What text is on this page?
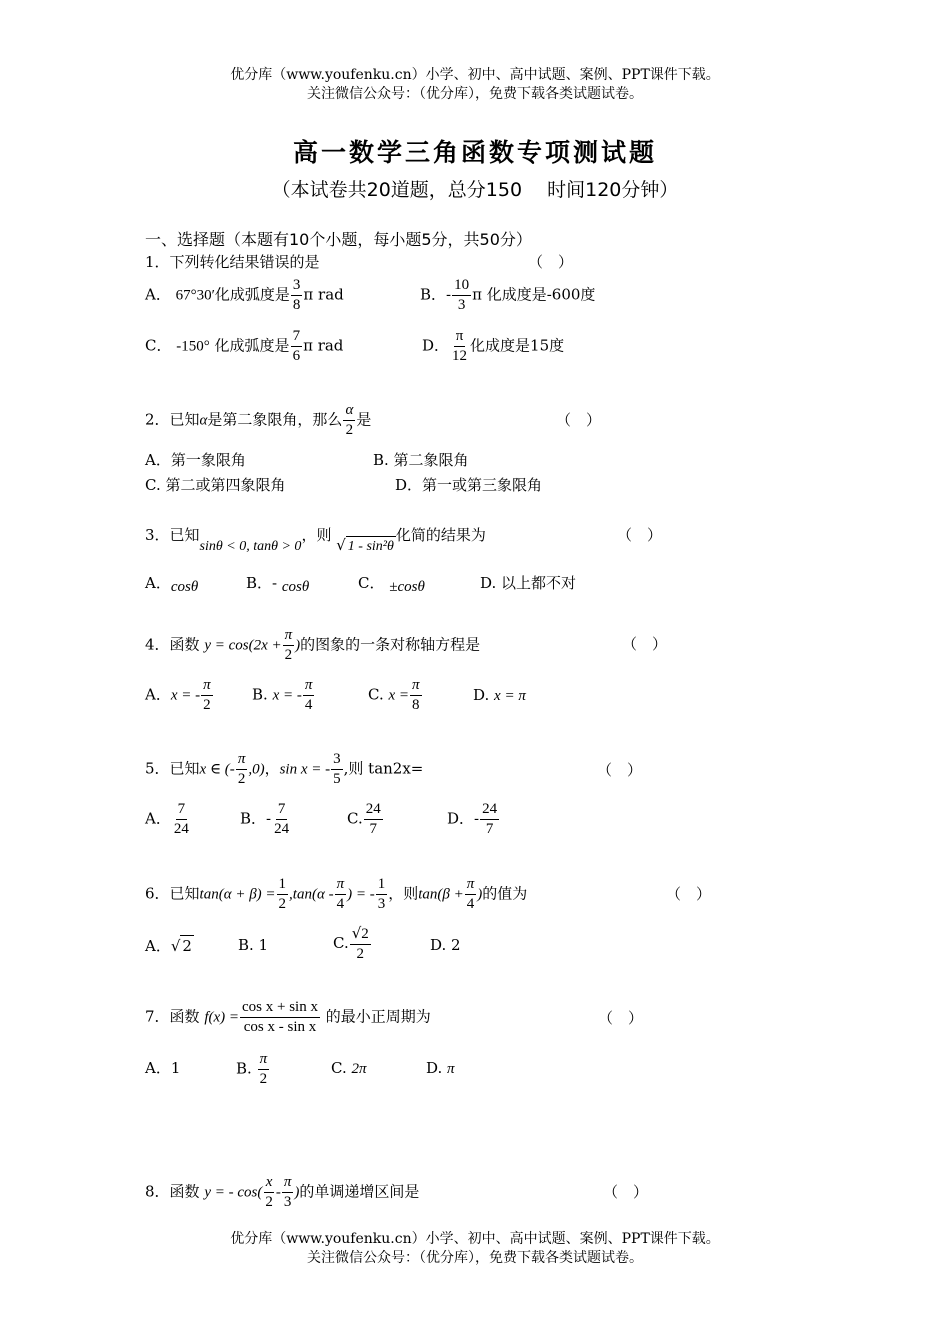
优分库（www.youfenku.cn）小学、初中、高中试题、案例、PPT课件下载。
关注微信公众号：（优分库），免费下载各类试题试卷。
高一数学三角函数专项测试题
（本试卷共20道题，总分150　 时间120分钟）
一、选择题（本题有10个小题，每小题5分，共50分）
1．下列转化结果错误的是	（　）
A． 67°30′化成弧度是 $\frac{3}{8}$ π rad	B．- $\frac{10}{3}$ π 化成度是-600度
C． -150° 化成弧度是 $\frac{7}{6}$ π rad	D． $\frac{\pi}{12}$ 化成度是15度
2．已知α是第二象限角，那么 $\frac{\alpha}{2}$ 是	（　）
A．第一象限角	B. 第二象限角
C. 第二或第四象限角	D．第一或第三象限角
3．已知sinθ < 0, tanθ > 0，则 √ 1 - sin²θ化简的结果为	（　）
A．cosθ	B．- cosθ	C． ±cosθ	D. 以上都不对
4．函数 $y = \cos(2x + \frac{\pi}{2}$ )的图象的一条对称轴方程是	（　）
A．x = - $\frac{\pi}{2}$	B. x = - $\frac{\pi}{4}$	C. $x = \frac{\pi}{8}$	D. x = π
5．已知x ∈ (- $\frac{\pi}{2} ,0$)，sin x = - $\frac{3}{5}$ ,则 tan2x=	（　）
A． $\frac{7}{24}$	B．- $\frac{7}{24}$	C. $\frac{24}{7}$	D．- $\frac{24}{7}$
6．已知$\tan(\alpha + \beta) = \frac{1}{2} ,\tan(\alpha - \frac{\pi}{4}$ ) = - $\frac{1}{3}$ ，则$\tan(\beta + \frac{\pi}{4}$ )的值为	（　）
A．√ 2	B. 1	C. $\frac{√2}{2}$	D. 2
7．函数 $f(x) = \frac{\text{cos x + sin x}}{\text{cos x - sin x}}$ 的最小正周期为	（　）
A．1	B. $\frac{\pi}{2}$	C. 2π	D. π
8．函数 y = - $\cos( \frac{x}{2} - \frac{\pi}{3}$ )的单调递增区间是	（　）
优分库（www.youfenku.cn）小学、初中、高中试题、案例、PPT课件下载。
关注微信公众号：（优分库），免费下载各类试题试卷。
